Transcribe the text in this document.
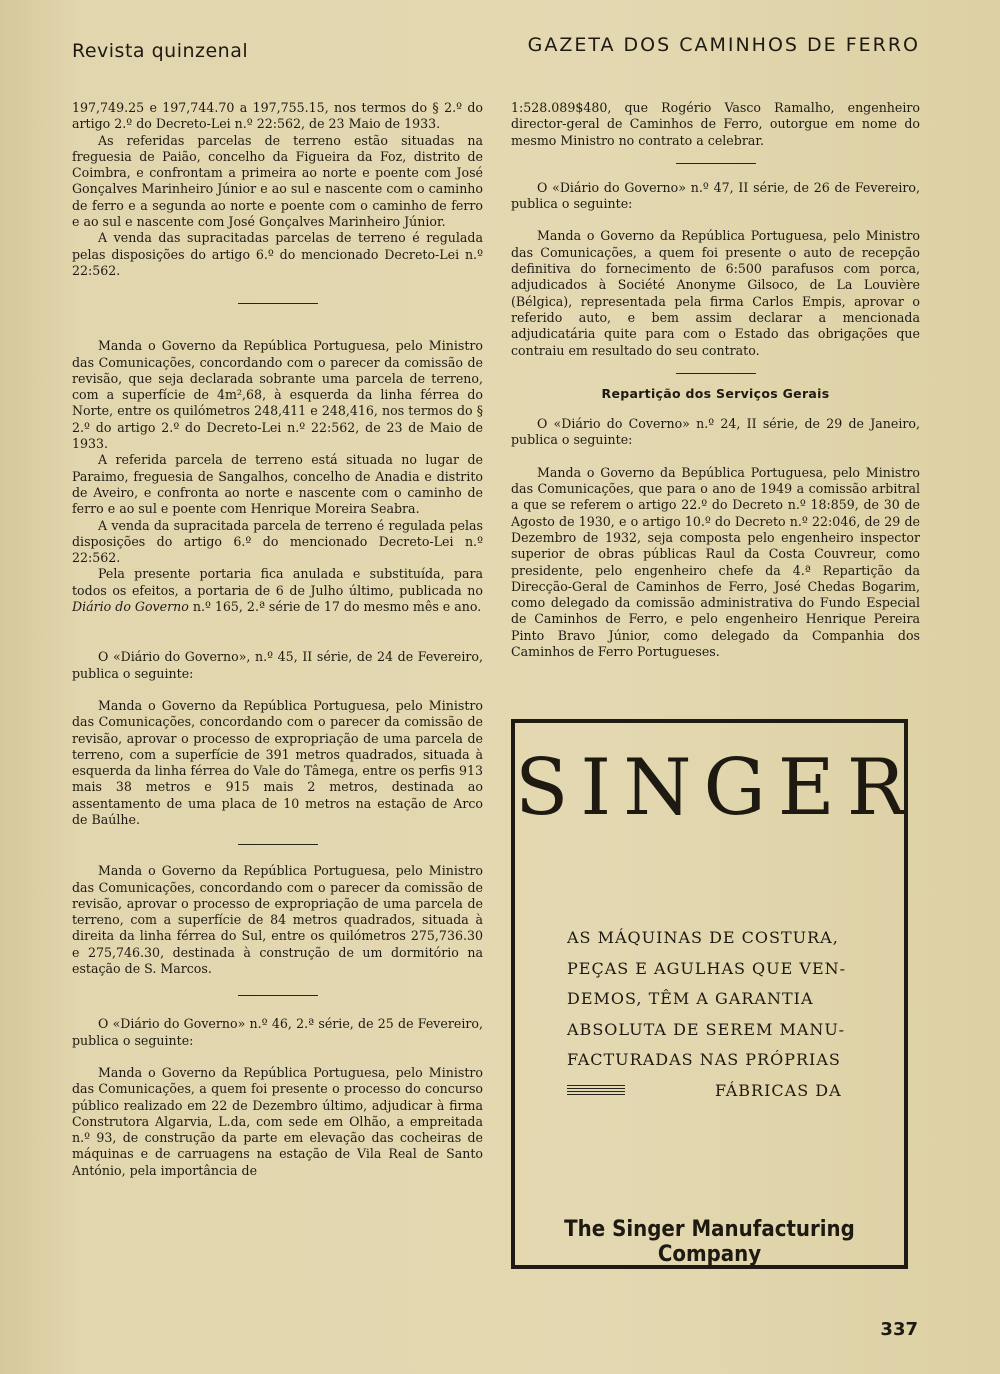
Revista quinzenal	GAZETA DOS CAMINHOS DE FERRO

197,749.25 e 197,744.70 a 197,755.15, nos termos do § 2.º do artigo 2.º do Decreto-Lei n.º 22:562, de 23 Maio de 1933.

As referidas parcelas de terreno estão situadas na freguesia de Paião, concelho da Figueira da Foz, distrito de Coimbra, e confrontam a primeira ao norte e poente com José Gonçalves Marinheiro Júnior e ao sul e nascente com o caminho de ferro e a segunda ao norte e poente com o caminho de ferro e ao sul e nascente com José Gonçalves Marinheiro Júnior.

A venda das supracitadas parcelas de terreno é regulada pelas disposições do artigo 6.º do mencionado Decreto-Lei n.º 22:562.

Manda o Governo da República Portuguesa, pelo Ministro das Comunicações, concordando com o parecer da comissão de revisão, que seja declarada sobrante uma parcela de terreno, com a superfície de 4m²,68, à esquerda da linha férrea do Norte, entre os quilómetros 248,411 e 248,416, nos termos do § 2.º do artigo 2.º do Decreto-Lei n.º 22:562, de 23 de Maio de 1933.

A referida parcela de terreno está situada no lugar de Paraimo, freguesia de Sangalhos, concelho de Anadia e distrito de Aveiro, e confronta ao norte e nascente com o caminho de ferro e ao sul e poente com Henrique Moreira Seabra.

A venda da supracitada parcela de terreno é regulada pelas disposições do artigo 6.º do mencionado Decreto-Lei n.º 22:562.

Pela presente portaria fica anulada e substituída, para todos os efeitos, a portaria de 6 de Julho último, publicada no Diário do Governo n.º 165, 2.ª série de 17 do mesmo mês e ano.

O «Diário do Governo», n.º 45, II série, de 24 de Fevereiro, publica o seguinte:

Manda o Governo da República Portuguesa, pelo Ministro das Comunicações, concordando com o parecer da comissão de revisão, aprovar o processo de expropriação de uma parcela de terreno, com a superfície de 391 metros quadrados, situada à esquerda da linha férrea do Vale do Tâmega, entre os perfis 913 mais 38 metros e 915 mais 2 metros, destinada ao assentamento de uma placa de 10 metros na estação de Arco de Baúlhe.

Manda o Governo da República Portuguesa, pelo Ministro das Comunicações, concordando com o parecer da comissão de revisão, aprovar o processo de expropriação de uma parcela de terreno, com a superfície de 84 metros quadrados, situada à direita da linha férrea do Sul, entre os quilómetros 275,736.30 e 275,746.30, destinada à construção de um dormitório na estação de S. Marcos.

O «Diário do Governo» n.º 46, 2.ª série, de 25 de Fevereiro, publica o seguinte:

Manda o Governo da República Portuguesa, pelo Ministro das Comunicações, a quem foi presente o processo do concurso público realizado em 22 de Dezembro último, adjudicar à firma Construtora Algarvia, L.da, com sede em Olhão, a empreitada n.º 93, de construção da parte em elevação das cocheiras de máquinas e de carruagens na estação de Vila Real de Santo António, pela importância de

1:528.089$480, que Rogério Vasco Ramalho, engenheiro director-geral de Caminhos de Ferro, outorgue em nome do mesmo Ministro no contrato a celebrar.

O «Diário do Governo» n.º 47, II série, de 26 de Fevereiro, publica o seguinte:

Manda o Governo da República Portuguesa, pelo Ministro das Comunicações, a quem foi presente o auto de recepção definitiva do fornecimento de 6:500 parafusos com porca, adjudicados à Société Anonyme Gilsoco, de La Louvière (Bélgica), representada pela firma Carlos Empis, aprovar o referido auto, e bem assim declarar a mencionada adjudicatária quite para com o Estado das obrigações que contraiu em resultado do seu contrato.

Repartição dos Serviços Gerais

O «Diário do Coverno» n.º 24, II série, de 29 de Janeiro, publica o seguinte:

Manda o Governo da Bepública Portuguesa, pelo Ministro das Comunicações, que para o ano de 1949 a comissão arbitral a que se referem o artigo 22.º do Decreto n.º 18:859, de 30 de Agosto de 1930, e o artigo 10.º do Decreto n.º 22:046, de 29 de Dezembro de 1932, seja composta pelo engenheiro inspector superior de obras públicas Raul da Costa Couvreur, como presidente, pelo engenheiro chefe da 4.ª Repartição da Direcção-Geral de Caminhos de Ferro, José Chedas Bogarim, como delegado da comissão administrativa do Fundo Especial de Caminhos de Ferro, e pelo engenheiro Henrique Pereira Pinto Bravo Júnior, como delegado da Companhia dos Caminhos de Ferro Portugueses.

SINGER
AS MÁQUINAS DE COSTURA,
PEÇAS E AGULHAS QUE VEN-
DEMOS, TÊM A GARANTIA
ABSOLUTA DE SEREM MANU-
FACTURADAS NAS PRÓPRIAS
FÁBRICAS DA
The Singer Manufacturing Company
337
